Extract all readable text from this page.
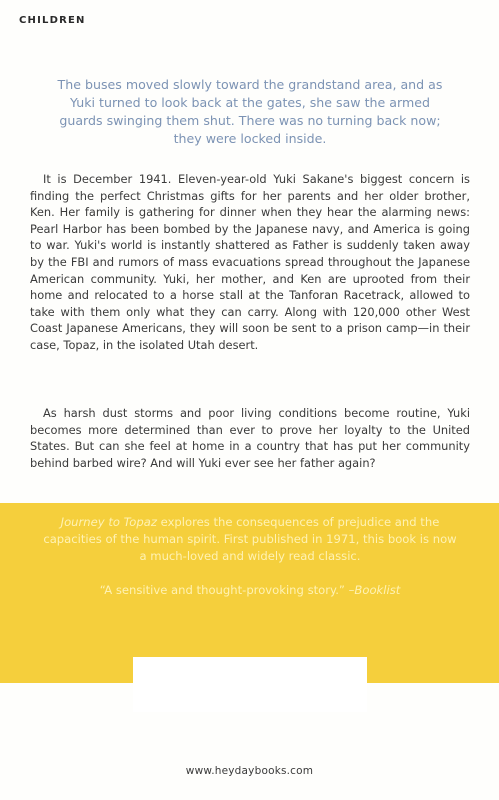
CHILDREN
The buses moved slowly toward the grandstand area, and as Yuki turned to look back at the gates, she saw the armed guards swinging them shut. There was no turning back now; they were locked inside.

It is December 1941. Eleven-year-old Yuki Sakane's biggest concern is finding the perfect Christmas gifts for her parents and her older brother, Ken. Her family is gathering for dinner when they hear the alarming news: Pearl Harbor has been bombed by the Japanese navy, and America is going to war. Yuki's world is instantly shattered as Father is suddenly taken away by the FBI and rumors of mass evacuations spread throughout the Japanese American community. Yuki, her mother, and Ken are uprooted from their home and relocated to a horse stall at the Tanforan Racetrack, allowed to take with them only what they can carry. Along with 120,000 other West Coast Japanese Americans, they will soon be sent to a prison camp—in their case, Topaz, in the isolated Utah desert.

As harsh dust storms and poor living conditions become routine, Yuki becomes more determined than ever to prove her loyalty to the United States. But can she feel at home in a country that has put her community behind barbed wire? And will Yuki ever see her father again?

Journey to Topaz explores the consequences of prejudice and the capacities of the human spirit. First published in 1971, this book is now a much-loved and widely read classic.
“A sensitive and thought-provoking story.” –Booklist
www.heydaybooks.com
